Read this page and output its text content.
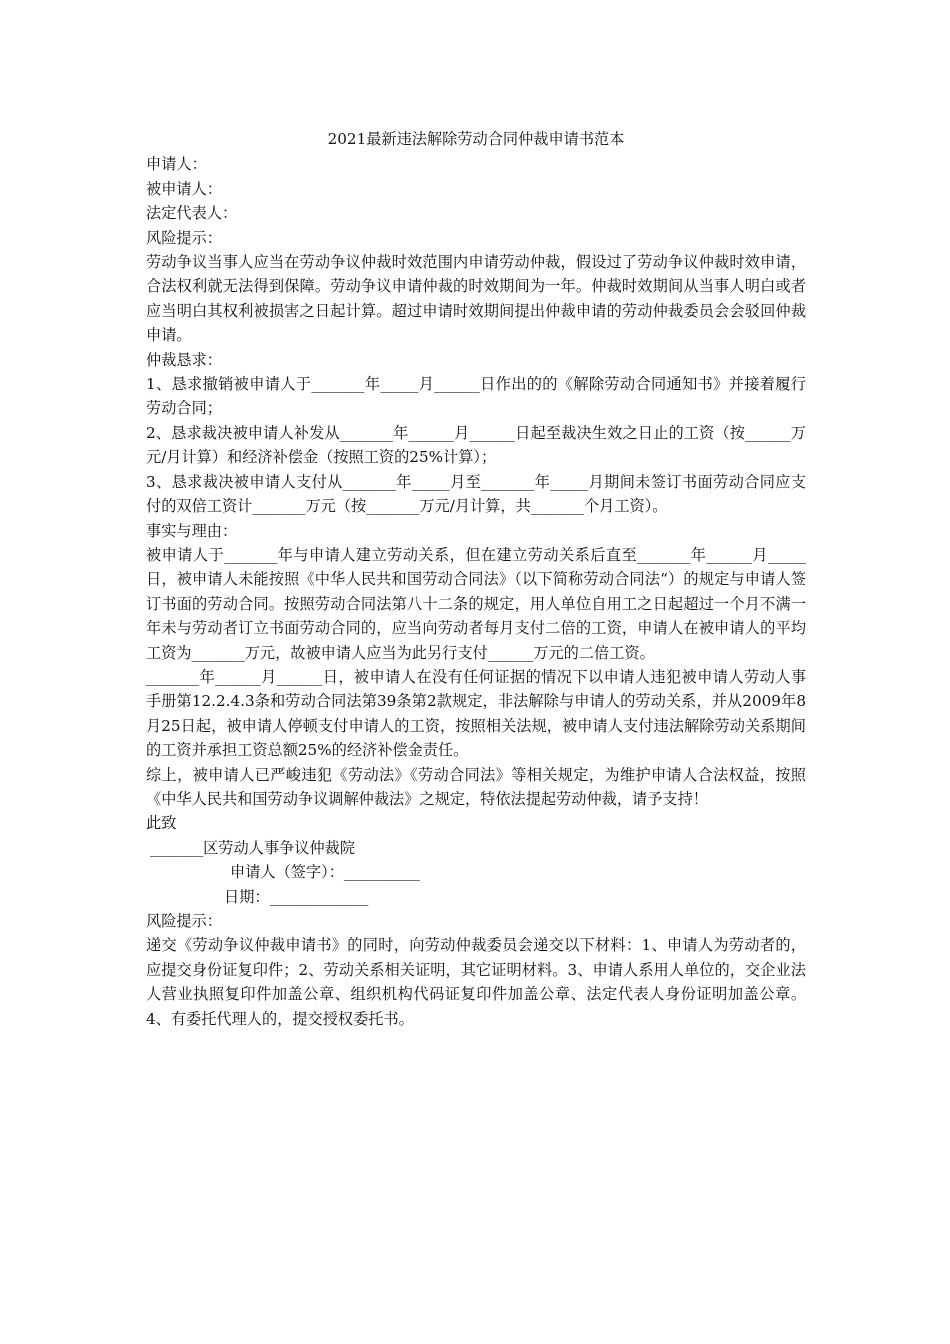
2021最新违法解除劳动合同仲裁申请书范本
申请人：
被申请人：
法定代表人：
风险提示：
劳动争议当事人应当在劳动争议仲裁时效范围内申请劳动仲裁，假设过了劳动争议仲裁时效申请，合法权利就无法得到保障。劳动争议申请仲裁的时效期间为一年。仲裁时效期间从当事人明白或者应当明白其权利被损害之日起计算。超过申请时效期间提出仲裁申请的劳动仲裁委员会会驳回仲裁申请。
仲裁恳求：
1、恳求撤销被申请人于_______年_____月______日作出的的《解除劳动合同通知书》并接着履行劳动合同；
2、恳求裁决被申请人补发从_______年______月______日起至裁决生效之日止的工资（按______万元/月计算）和经济补偿金（按照工资的25%计算）；
3、恳求裁决被申请人支付从_______年_____月至_______年_____月期间未签订书面劳动合同应支付的双倍工资计_______万元（按_______万元/月计算，共_______个月工资）。
事实与理由：
被申请人于_______年与申请人建立劳动关系，但在建立劳动关系后直至_______年______月_____日，被申请人未能按照《中华人民共和国劳动合同法》（以下简称劳动合同法“）的规定与申请人签订书面的劳动合同。按照劳动合同法第八十二条的规定，用人单位自用工之日起超过一个月不满一年未与劳动者订立书面劳动合同的，应当向劳动者每月支付二倍的工资，申请人在被申请人的平均工资为_______万元，故被申请人应当为此另行支付______万元的二倍工资。
_______年______月______日，被申请人在没有任何证据的情况下以申请人违犯被申请人劳动人事手册第12.2.4.3条和劳动合同法第39条第2款规定，非法解除与申请人的劳动关系，并从2009年8月25日起，被申请人停顿支付申请人的工资，按照相关法规，被申请人支付违法解除劳动关系期间的工资并承担工资总额25%的经济补偿金责任。
综上，被申请人已严峻违犯《劳动法》《劳动合同法》等相关规定，为维护申请人合法权益，按照《中华人民共和国劳动争议调解仲裁法》之规定，特依法提起劳动仲裁，请予支持！
此致
_______区劳动人事争议仲裁院
申请人（签字）：__________
日期：_____________
风险提示：
递交《劳动争议仲裁申请书》的同时，向劳动仲裁委员会递交以下材料：1、申请人为劳动者的，应提交身份证复印件；2、劳动关系相关证明，其它证明材料。3、申请人系用人单位的，交企业法人营业执照复印件加盖公章、组织机构代码证复印件加盖公章、法定代表人身份证明加盖公章。4、有委托代理人的，提交授权委托书。
